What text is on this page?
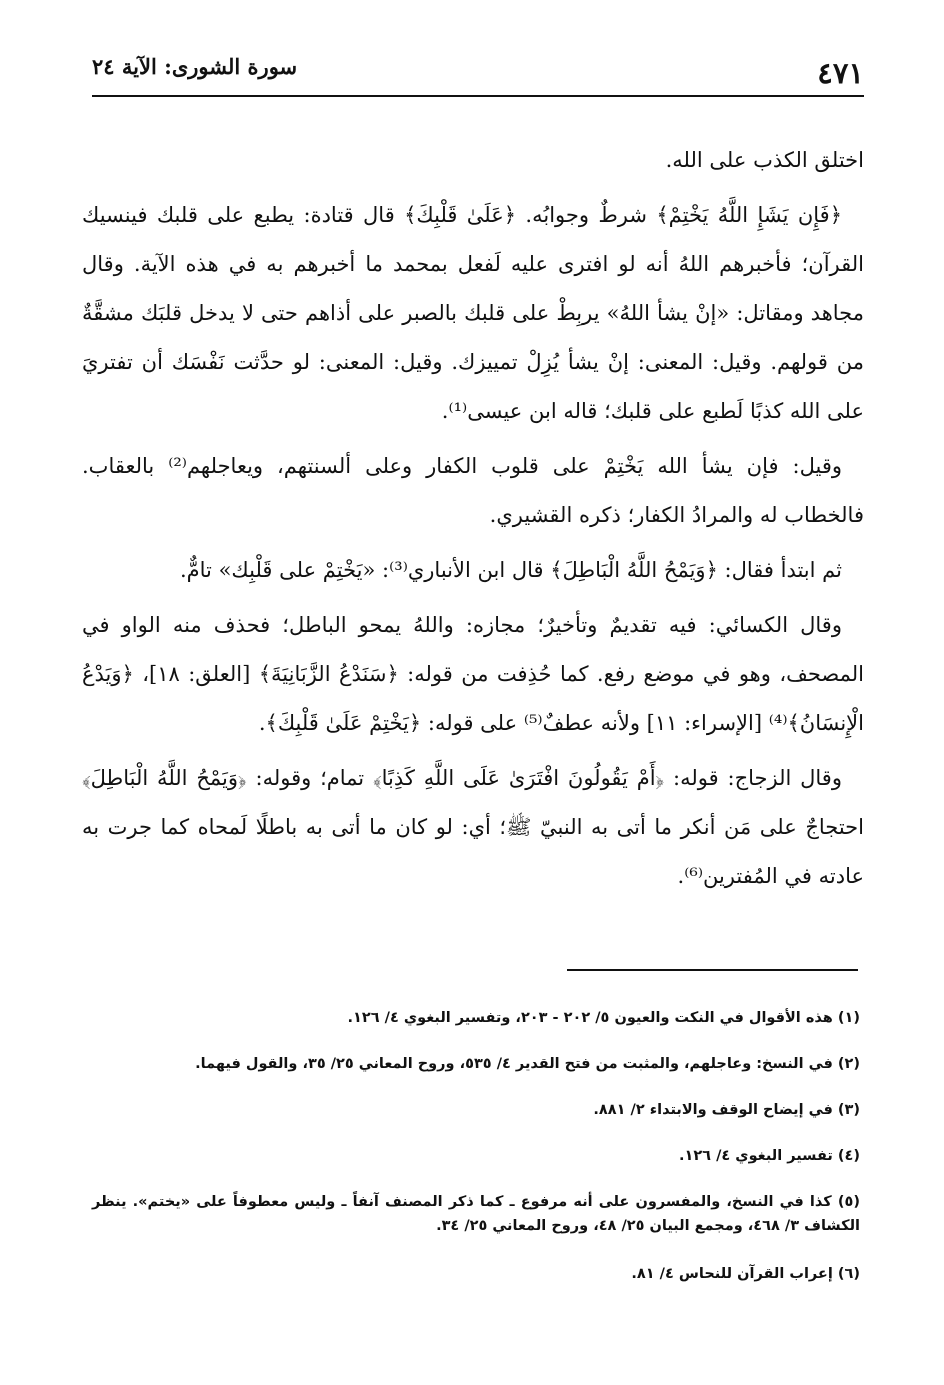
٤٧١
سورة الشورى: الآية ٢٤

اختلق الكذب على الله.

﴿فَإِن يَشَإِ اللَّهُ يَخْتِمْ﴾ شرطٌ وجوابُه. ﴿عَلَىٰ قَلْبِكَ﴾ قال قتادة: يطبع على قلبك فينسيك القرآن؛ فأخبرهم اللهُ أنه لو افترى عليه لَفعل بمحمد ما أخبرهم به في هذه الآية. وقال مجاهد ومقاتل: «إنْ يشأ اللهُ» يربِطْ على قلبك بالصبر على أذاهم حتى لا يدخل قلبَك مشقَّةٌ من قولهم. وقيل: المعنى: إنْ يشأ يُزِلْ تمييزك. وقيل: المعنى: لو حدَّثت نَفْسَك أن تفتريَ على الله كذبًا لَطبع على قلبك؛ قاله ابن عيسى⁽¹⁾.

وقيل: فإن يشأ الله يَخْتِمْ على قلوب الكفار وعلى ألسنتهم، ويعاجلهم⁽²⁾ بالعقاب. فالخطاب له والمرادُ الكفار؛ ذكره القشيري.

ثم ابتدأ فقال: ﴿وَيَمْحُ اللَّهُ الْبَاطِلَ﴾ قال ابن الأنباري⁽³⁾: «يَخْتِمْ على قَلْبِك» تامٌّ.

وقال الكسائي: فيه تقديمٌ وتأخيرٌ؛ مجازه: واللهُ يمحو الباطل؛ فحذف منه الواو في المصحف، وهو في موضع رفع. كما حُذِفت من قوله: ﴿سَنَدْعُ الزَّبَانِيَةَ﴾ [العلق: ١٨]، ﴿وَيَدْعُ الْإِنسَانُ﴾⁽⁴⁾ [الإسراء: ١١] ولأنه عطفٌ⁽⁵⁾ على قوله: ﴿يَخْتِمْ عَلَىٰ قَلْبِكَ﴾.

وقال الزجاج: قوله: ﴿أَمْ يَقُولُونَ افْتَرَىٰ عَلَى اللَّهِ كَذِبًا﴾ تمام؛ وقوله: ﴿وَيَمْحُ اللَّهُ الْبَاطِلَ﴾ احتجاجٌ على مَن أنكر ما أتى به النبيّ ﷺ؛ أي: لو كان ما أتى به باطلًا لَمحاه كما جرت به عادته في المُفترين⁽⁶⁾.

(١) هذه الأقوال في النكت والعيون ٥/ ٢٠٢ - ٢٠٣، وتفسير البغوي ٤/ ١٢٦.
(٢) في النسخ: وعاجلهم، والمثبت من فتح القدير ٤/ ٥٣٥، وروح المعاني ٢٥/ ٣٥، والقول فيهما.
(٣) في إيضاح الوقف والابتداء ٢/ ٨٨١.
(٤) تفسير البغوي ٤/ ١٢٦.
(٥) كذا في النسخ، والمفسرون على أنه مرفوع ـ كما ذكر المصنف آنفاً ـ وليس معطوفاً على «يختم». ينظر الكشاف ٣/ ٤٦٨، ومجمع البيان ٢٥/ ٤٨، وروح المعاني ٢٥/ ٣٤.
(٦) إعراب القرآن للنحاس ٤/ ٨١.
